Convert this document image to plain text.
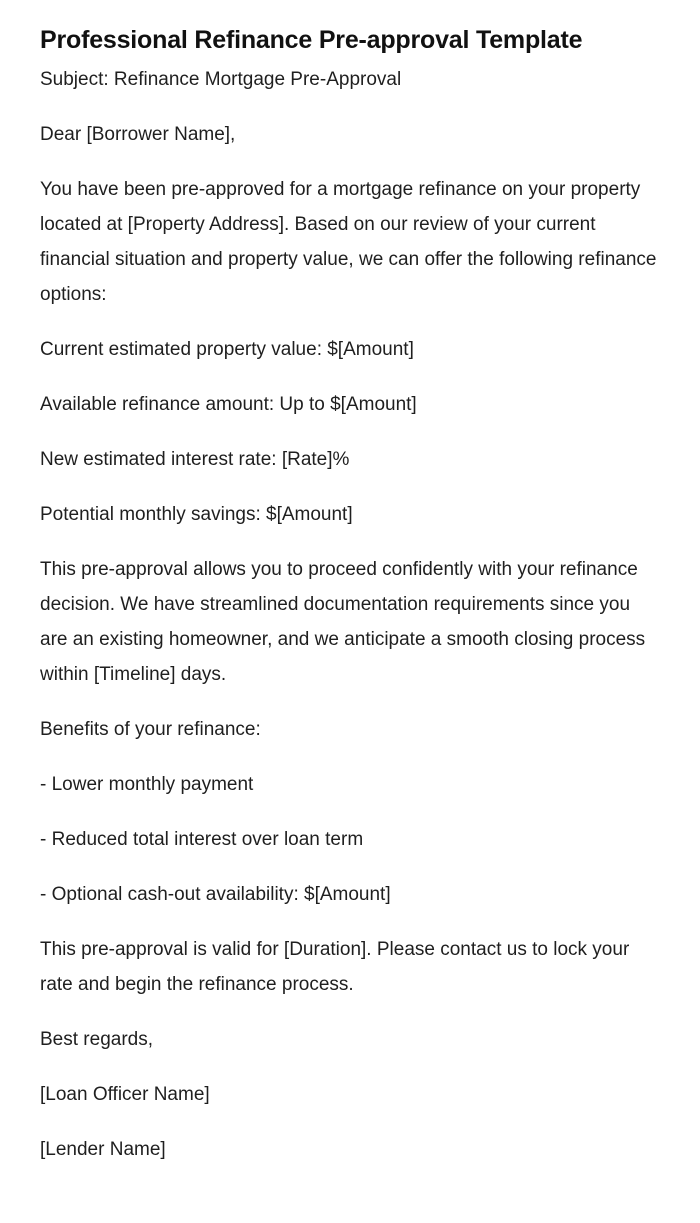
Professional Refinance Pre-approval Template

Subject: Refinance Mortgage Pre-Approval

Dear [Borrower Name],

You have been pre-approved for a mortgage refinance on your property located at [Property Address]. Based on our review of your current financial situation and property value, we can offer the following refinance options:

Current estimated property value: $[Amount]

Available refinance amount: Up to $[Amount]

New estimated interest rate: [Rate]%

Potential monthly savings: $[Amount]

This pre-approval allows you to proceed confidently with your refinance decision. We have streamlined documentation requirements since you are an existing homeowner, and we anticipate a smooth closing process within [Timeline] days.

Benefits of your refinance:

- Lower monthly payment

- Reduced total interest over loan term

- Optional cash-out availability: $[Amount]

This pre-approval is valid for [Duration]. Please contact us to lock your rate and begin the refinance process.

Best regards,

[Loan Officer Name]

[Lender Name]
